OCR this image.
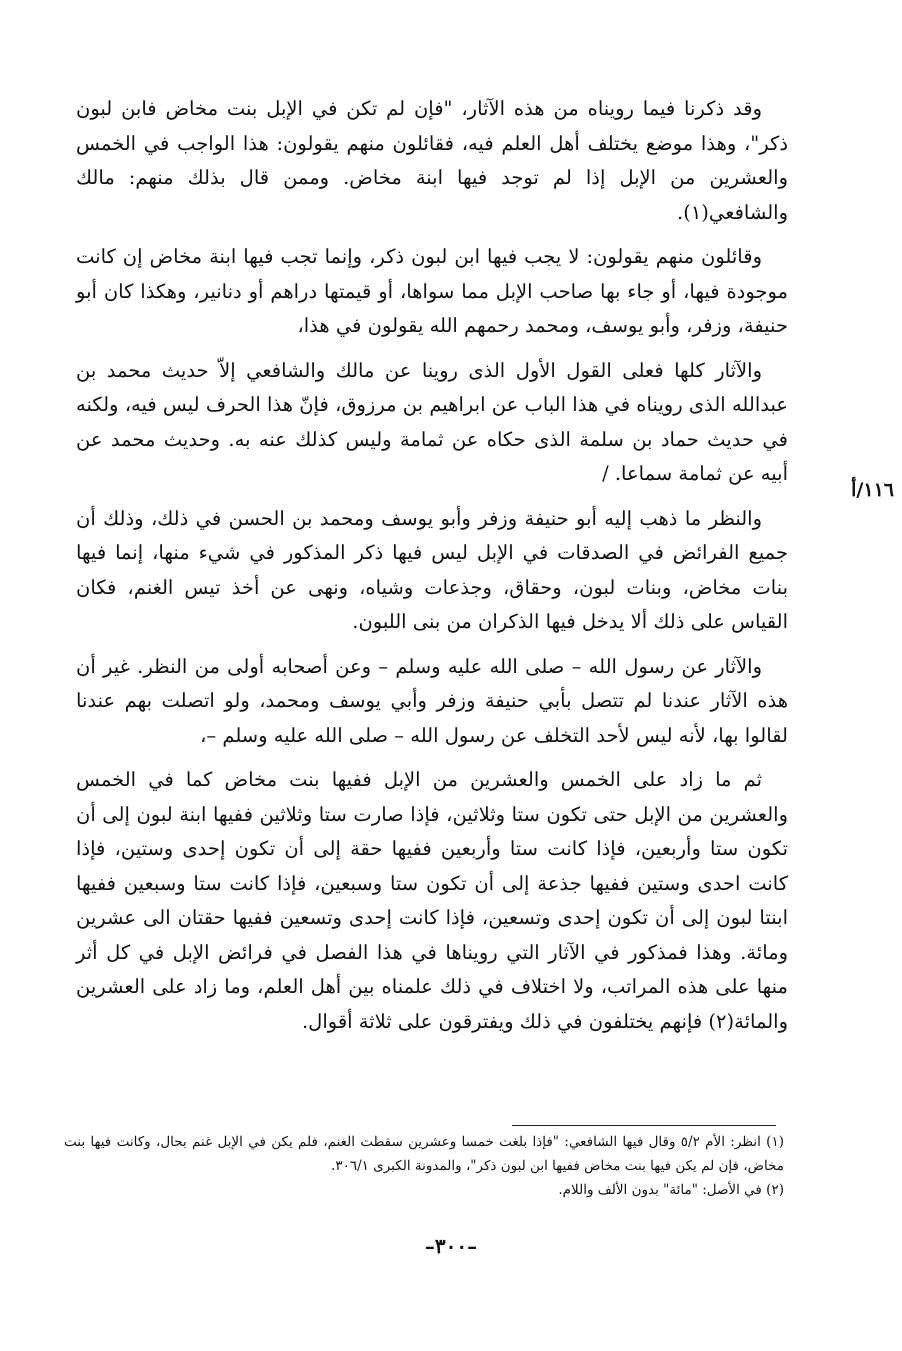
وقد ذكرنا فيما رويناه من هذه الآثار، "فإن لم تكن في الإبل بنت مخاض فابن لبون ذكر"، وهذا موضع يختلف أهل العلم فيه، فقائلون منهم يقولون: هذا الواجب في الخمس والعشرين من الإبل إذا لم توجد فيها ابنة مخاض. وممن قال بذلك منهم: مالك والشافعي(١).

وقائلون منهم يقولون: لا يجب فيها ابن لبون ذكر، وإنما تجب فيها ابنة مخاض إن كانت موجودة فيها، أو جاء بها صاحب الإبل مما سواها، أو قيمتها دراهم أو دنانير، وهكذا كان أبو حنيفة، وزفر، وأبو يوسف، ومحمد رحمهم الله يقولون في هذا،

والآثار كلها فعلى القول الأول الذى روينا عن مالك والشافعي إلاّ حديث محمد بن عبدالله الذى رويناه في هذا الباب عن ابراهيم بن مرزوق، فإنّ هذا الحرف ليس فيه، ولكنه في حديث حماد بن سلمة الذى حكاه عن ثمامة وليس كذلك عنه به. وحديث محمد عن أبيه عن ثمامة سماعا. /

والنظر ما ذهب إليه أبو حنيفة وزفر وأبو يوسف ومحمد بن الحسن في ذلك، وذلك أن جميع الفرائض في الصدقات في الإبل ليس فيها ذكر المذكور في شيء منها، إنما فيها بنات مخاض، وبنات لبون، وحقاق، وجذعات وشياه، ونهى عن أخذ تيس الغنم، فكان القياس على ذلك ألا يدخل فيها الذكران من بنى اللبون.

والآثار عن رسول الله – صلى الله عليه وسلم – وعن أصحابه أولى من النظر. غير أن هذه الآثار عندنا لم تتصل بأبي حنيفة وزفر وأبي يوسف ومحمد، ولو اتصلت بهم عندنا لقالوا بها، لأنه ليس لأحد التخلف عن رسول الله – صلى الله عليه وسلم –،

ثم ما زاد على الخمس والعشرين من الإبل ففيها بنت مخاض كما في الخمس والعشرين من الإبل حتى تكون ستا وثلاثين، فإذا صارت ستا وثلاثين ففيها ابنة لبون إلى أن تكون ستا وأربعين، فإذا كانت ستا وأربعين ففيها حقة إلى أن تكون إحدى وستين، فإذا كانت احدى وستين ففيها جذعة إلى أن تكون ستا وسبعين، فإذا كانت ستا وسبعين ففيها ابنتا لبون إلى أن تكون إحدى وتسعين، فإذا كانت إحدى وتسعين ففيها حقتان الى عشرين ومائة. وهذا فمذكور في الآثار التي رويناها في هذا الفصل في فرائض الإبل في كل أثر منها على هذه المراتب، ولا اختلاف في ذلك علمناه بين أهل العلم، وما زاد على العشرين والمائة(٢) فإنهم يختلفون في ذلك ويفترقون على ثلاثة أقوال.

١١٦/أ

(١) انظر: الأم ٥/٢ وقال فيها الشافعي: "فإذا بلغت خمسا وعشرين سقطت الغنم، فلم يكن في الإبل غنم بحال، وكانت فيها بنت مخاض، فإن لم يكن فيها بنت مخاض ففيها ابن لبون ذكر"، والمدونة الكبرى ٣٠٦/١.

(٢) في الأصل: "مائة" بدون الألف واللام.

–٣٠٠–
